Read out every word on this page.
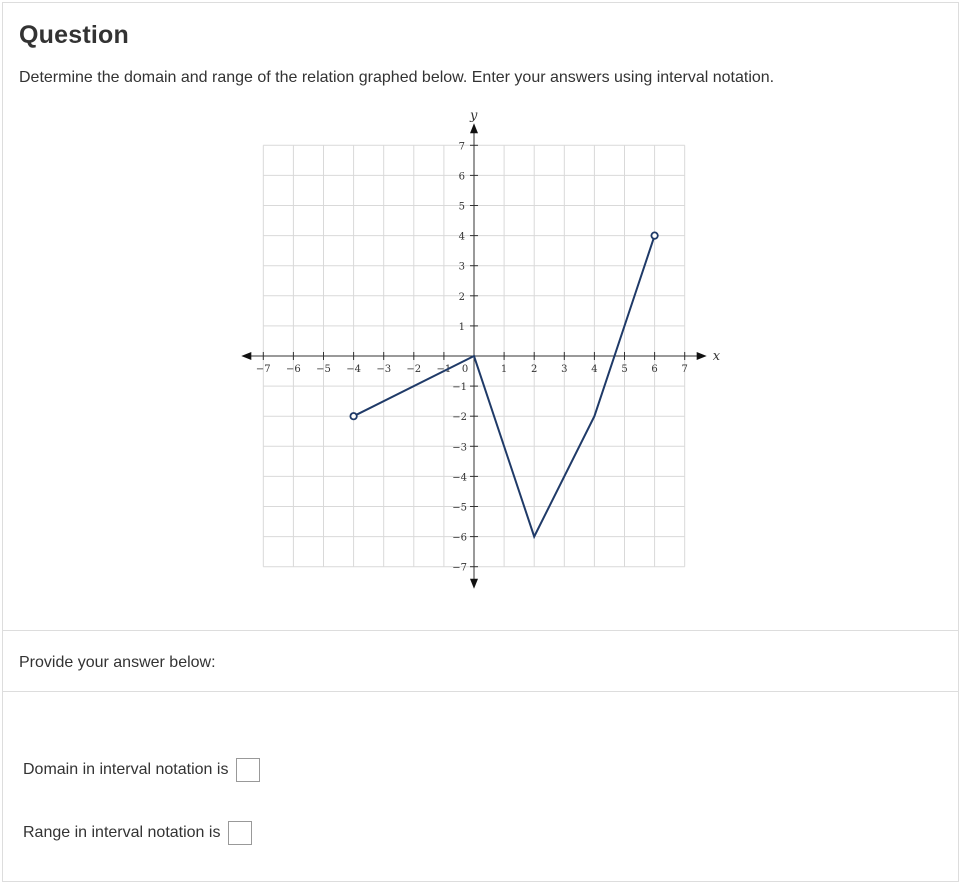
Question

Determine the domain and range of the relation graphed below. Enter your answers using interval notation.

Provide your answer below:
−7 −6 −5 −4 −3 −2 −1 0	1 2 3 4 5 6 7
1
2
3
4
5
6
7
−1
−2
−3
−4
−5
−6
−7
x
y
Domain in interval notation is
Range in interval notation is
